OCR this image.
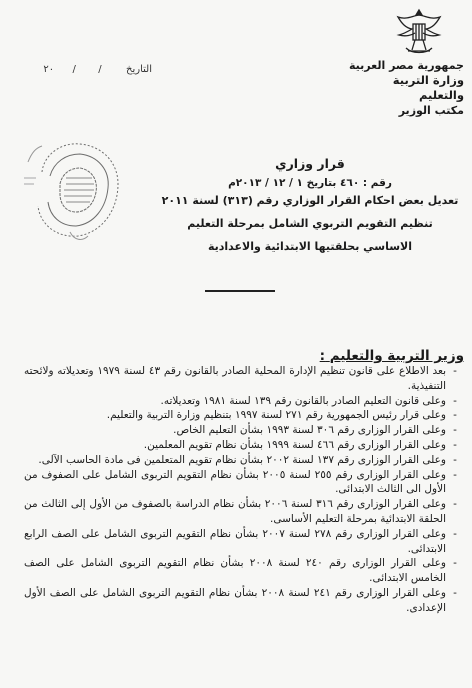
جمهورية مصر العربية
وزارة التربية والتعليم
مكتب الوزير
التاريخ  /  /  ٢٠
قرار وزاري
رقم : ٤٦٠ بتاريخ ١ / ١٢ / ٢٠١٣م
تعديل بعض احكام القرار الوزاري رقم (٣١٣) لسنة ٢٠١١
تنظيم التقويم التربوي الشامل بمرحلة التعليم
الاساسي بحلقتيها الابتدائية والاعدادية
وزير التربية والتعليم :
-
بعد الاطلاع على قانون تنظيم الإدارة المحلية الصادر بالقانون رقم ٤٣ لسنة ١٩٧٩ وتعديلاته ولائحته التنفيذية.
-
وعلى قانون التعليم الصادر بالقانون رقم ١٣٩ لسنة ١٩٨١ وتعديلاته.
-
وعلى قرار رئيس الجمهورية رقم ٢٧١ لسنة ١٩٩٧ بتنظيم وزارة التربية والتعليم.
-
وعلى القرار الوزارى رقم ٣٠٦ لسنة ١٩٩٣ بشأن التعليم الخاص.
-
وعلى القرار الوزارى رقم ٤٦٦ لسنة ١٩٩٩ بشأن نظام تقويم المعلمين.
-
وعلى القرار الوزارى رقم ١٣٧ لسنة ٢٠٠٢ بشأن نظام تقويم المتعلمين فى مادة الحاسب الآلى.
-
وعلى القرار الوزارى رقم ٢٥٥ لسنة ٢٠٠٥ بشأن نظام التقويم التربوى الشامل على الصفوف من الأول الى الثالث الابتدائى.
-
وعلى القرار الوزارى رقم ٣١٦ لسنة ٢٠٠٦ بشأن نظام الدراسة بالصفوف من الأول إلى الثالث من الحلقة الابتدائية بمرحلة التعليم الأساسى.
-
وعلى القرار الوزارى رقم ٢٧٨ لسنة ٢٠٠٧ بشأن نظام التقويم التربوى الشامل على الصف الرابع الابتدائى.
-
وعلى القرار الوزارى رقم ٢٤٠ لسنة ٢٠٠٨ بشأن نظام التقويم التربوى الشامل على الصف الخامس الابتدائى.
-
وعلى القرار الوزارى رقم ٢٤١ لسنة ٢٠٠٨ بشأن نظام التقويم التربوى الشامل على الصف الأول الإعدادى.
